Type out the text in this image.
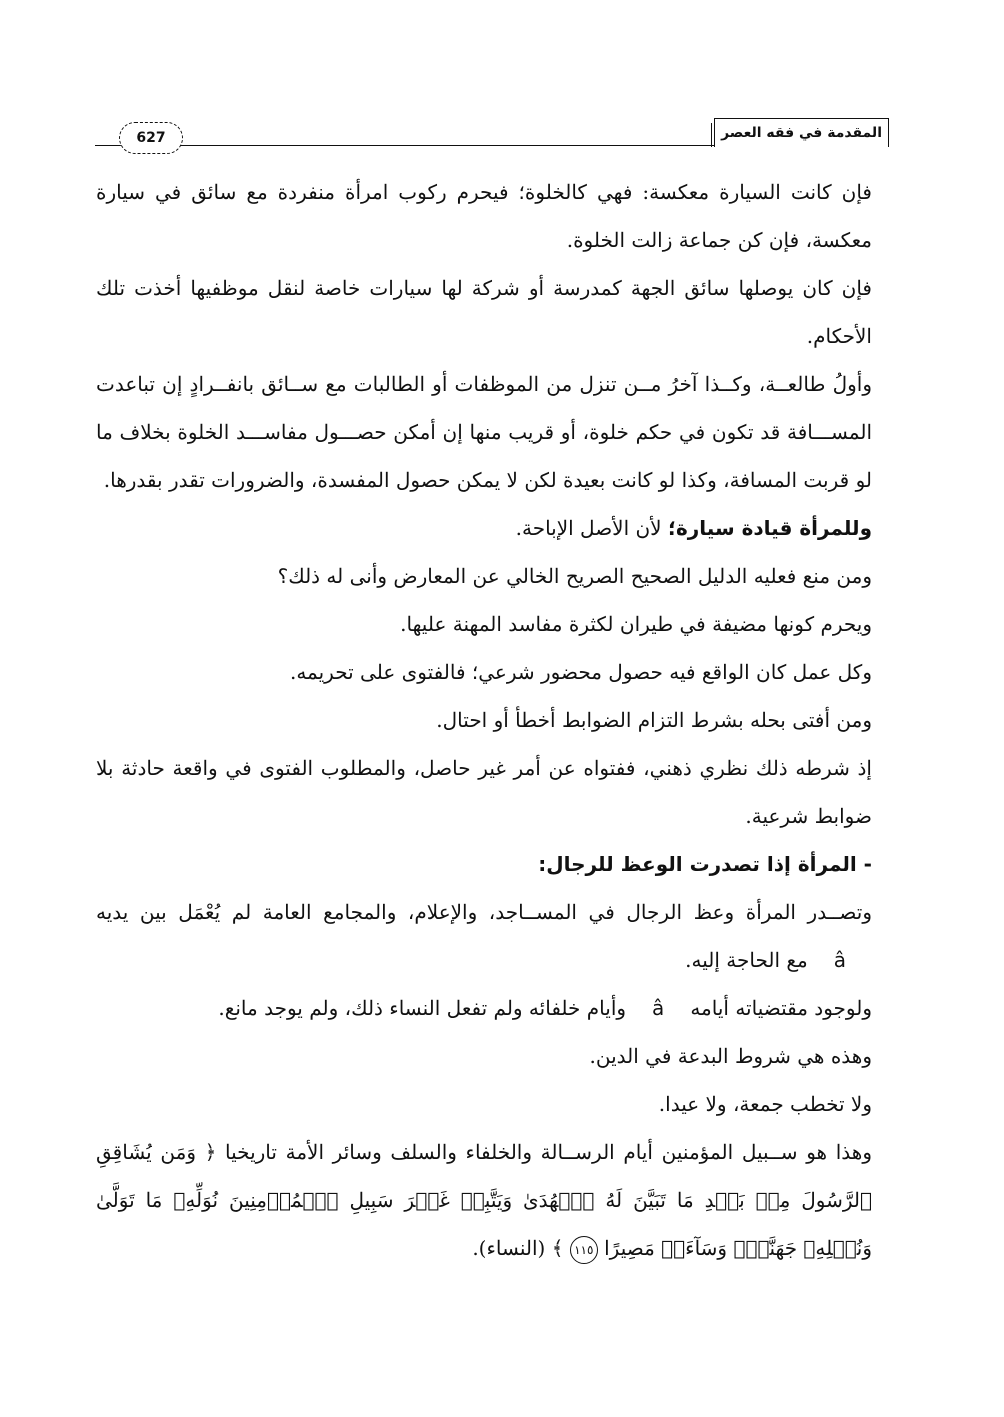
المقدمة في فقه العصر
627

فإن كانت السيارة معكسة: فهي كالخلوة؛ فيحرم ركوب امرأة منفردة مع سائق في سيارة معكسة، فإن كن جماعة زالت الخلوة.

فإن كان يوصلها سائق الجهة كمدرسة أو شركة لها سيارات خاصة لنقل موظفيها أخذت تلك الأحكام.

وأولُ طالعــة، وكــذا آخرُ مــن تنزل من الموظفات أو الطالبات مع ســائق بانفــرادٍ إن تباعدت المســـافة قد تكون في حكم خلوة، أو قريب منها إن أمكن حصـــول مفاســـد الخلوة بخلاف ما لو قربت المسافة، وكذا لو كانت بعيدة لكن لا يمكن حصول المفسدة، والضرورات تقدر بقدرها.

وللمرأة قيادة سيارة؛ لأن الأصل الإباحة.

ومن منع فعليه الدليل الصحيح الصريح الخالي عن المعارض وأنى له ذلك؟

ويحرم كونها مضيفة في طيران لكثرة مفاسد المهنة عليها.

وكل عمل كان الواقع فيه حصول محضور شرعي؛ فالفتوى على تحريمه.

ومن أفتى بحله بشرط التزام الضوابط أخطأ أو احتال.

إذ شرطه ذلك نظري ذهني، ففتواه عن أمر غير حاصل، والمطلوب الفتوى في واقعة حادثة بلا ضوابط شرعية.

- المرأة إذا تصدرت الوعظ للرجال:

وتصــدر المرأة وعظ الرجال في المســاجد، والإعلام، والمجامع العامة لم يُعْمَل بين يديهâمع الحاجة إليه.

ولوجود مقتضياته أيامهâوأيام خلفائه ولم تفعل النساء ذلك، ولم يوجد مانع.

وهذه هي شروط البدعة في الدين.

ولا تخطب جمعة، ولا عيدا.

وهذا هو ســبيل المؤمنين أيام الرســالة والخلفاء والسلف وسائر الأمة تاريخيا ﴿ وَمَن يُشَاقِقِ ٱلرَّسُولَ مِنۢ بَعۡدِ مَا تَبَيَّنَ لَهُ ٱلۡهُدَىٰ وَيَتَّبِعۡ غَيۡرَ سَبِيلِ ٱلۡمُؤۡمِنِينَ نُوَلِّهِۦ مَا تَوَلَّىٰ وَنُصۡلِهِۦ جَهَنَّمَۖ وَسَآءَتۡ مَصِيرًا ١١٥ ﴾ (النساء).
